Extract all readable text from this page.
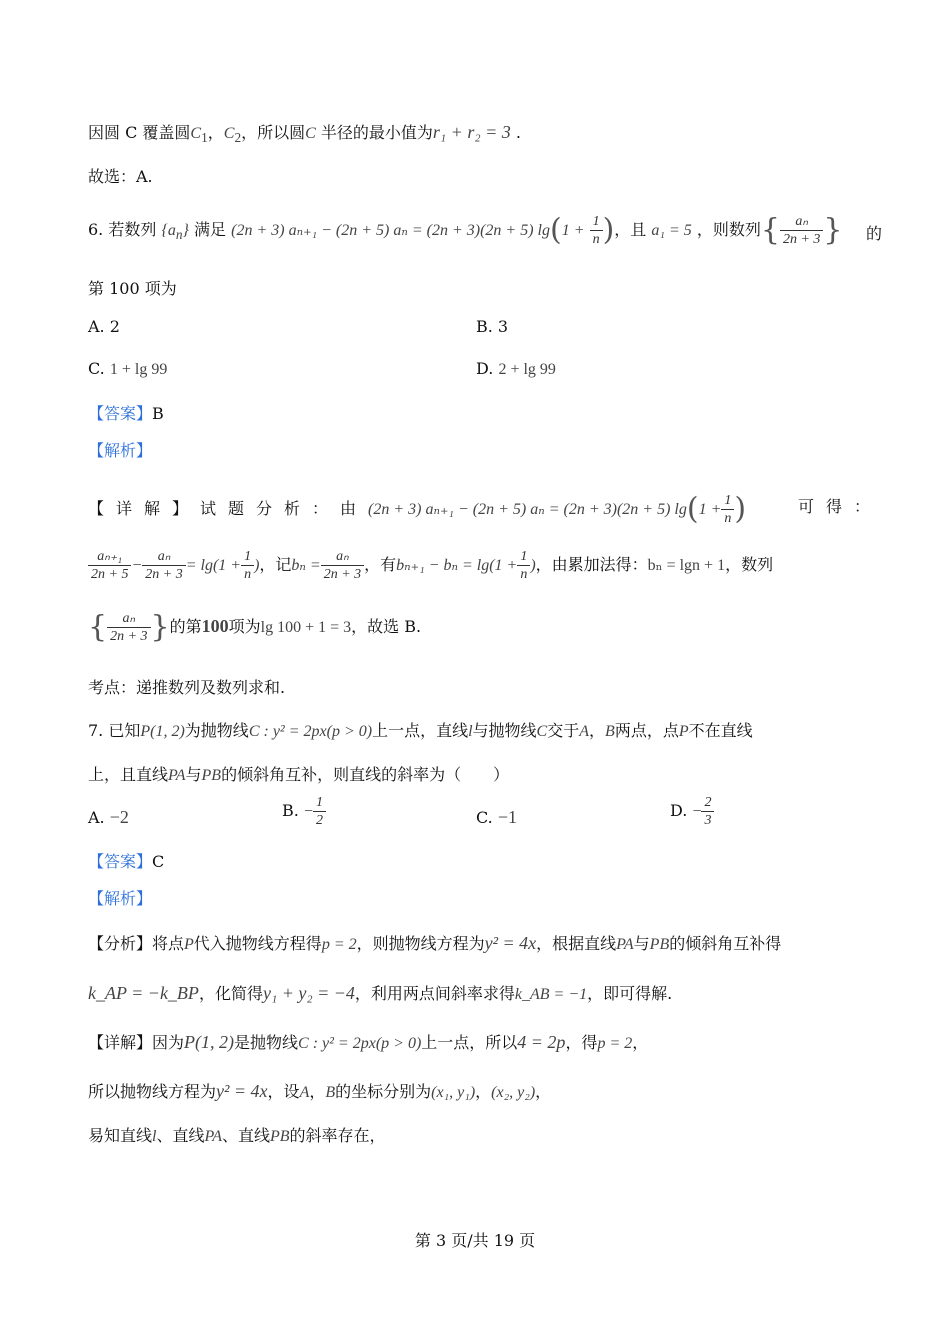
因圆 C 覆盖圆$C_1$，$C_2$，所以圆C 半径的最小值为r₁ + r₂ = 3 .
故选：A.
6. 若数列 $\{a_n\}$ 满足 (2n + 3) aₙ₊₁ − (2n + 5) aₙ = (2n + 3)(2n + 5) $\lg(1 + \frac{1}{n}$ )，且 a₁ = 5 ，则数列{ $\frac{\text{aₙ}}{2n + 3}$ }	的
第 100 项为
A. 2	B. 3
C. 1 + lg 99	D. 2 + lg 99
【答案】B
【解析】
【详解】试题分析：由(2n + 3) aₙ₊₁ − (2n + 5) aₙ = (2n + 3)(2n + 5) $\lg(1 + \frac{1}{n}$ )	可得：
$\frac{\text{aₙ₊₁}}{2n + 5} - \frac{\text{aₙ}}{2n + 3} = \lg(1 + \frac{1}{n}$ )，记$b_n = \frac{\text{aₙ}}{2n + 3}$ ，有$b_{n+1} - b_n = \lg(1 + \frac{1}{n}$ )，由累加法得：bₙ = lgn + 1，数列
{ $\frac{\text{aₙ}}{2n + 3}$ }的第100项为lg 100 + 1 = 3，故选 B.
考点：递推数列及数列求和.
7. 已知P(1, 2)为抛物线C : y² = 2px(p > 0)上一点，直线l与抛物线C交于A，B两点，点P不在直线
上，且直线PA与PB的倾斜角互补，则直线的斜率为（　　）
A. −2	B. − $\frac{1}{2}$	C. −1	D. − $\frac{2}{3}$
【答案】C
【解析】
【分析】将点P代入抛物线方程得p = 2，则抛物线方程为y² = 4x，根据直线PA与PB的倾斜角互补得
k_AP = −k_BP，化简得y₁ + y₂ = −4，利用两点间斜率求得k_AB = −1，即可得解.
【详解】因为P(1, 2)是抛物线C : y² = 2px(p > 0)上一点，所以4 = 2p，得p = 2，
所以抛物线方程为y² = 4x，设A，B的坐标分别为(x₁, y₁)，(x₂, y₂)，
易知直线l、直线PA、直线PB的斜率存在，
第 3 页/共 19 页
